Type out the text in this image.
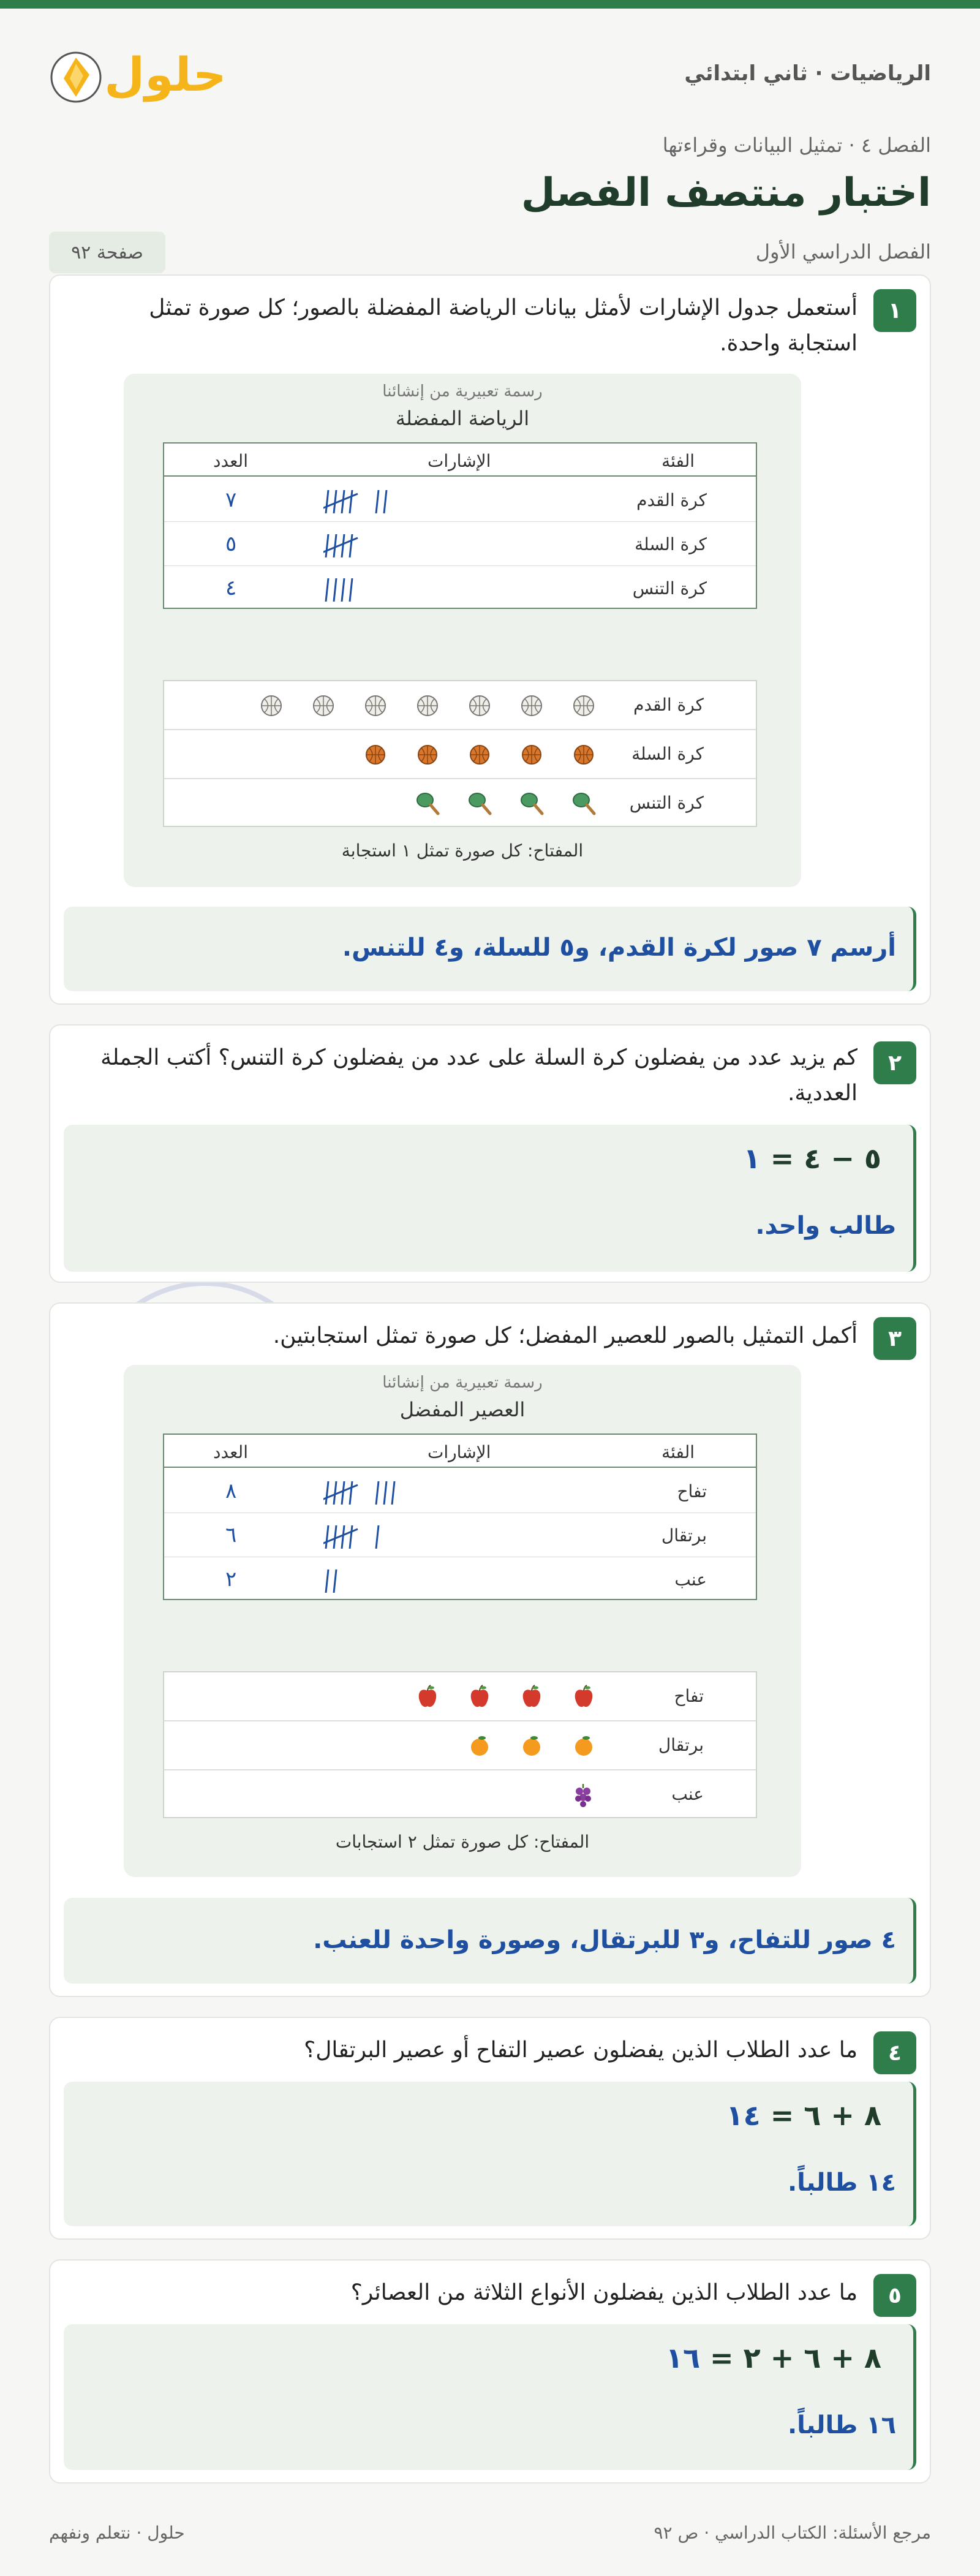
الرياضيات · ثاني ابتدائي
حلول
الفصل ٤ · تمثيل البيانات وقراءتها
اختبار منتصف الفصل
الفصل الدراسي الأول
صفحة ٩٢
١
أستعمل جدول الإشارات لأمثل بيانات الرياضة المفضلة بالصور؛ كل صورة تمثل استجابة واحدة.
رسمة تعبيرية من إنشائنا
الرياضة المفضلة
الفئة
الإشارات
العدد
كرة القدم
٧
كرة السلة
٥
كرة التنس
٤
كرة القدم
كرة السلة
كرة التنس
المفتاح: كل صورة تمثل ١ استجابة
أرسم ٧ صور لكرة القدم، و٥ للسلة، و٤ للتنس.
٢
كم يزيد عدد من يفضلون كرة السلة على عدد من يفضلون كرة التنس؟ أكتب الجملة العددية.
٥ − ٤ = ١
طالب واحد.
٣
أكمل التمثيل بالصور للعصير المفضل؛ كل صورة تمثل استجابتين.
رسمة تعبيرية من إنشائنا
العصير المفضل
الفئة
الإشارات
العدد
تفاح
٨
برتقال
٦
عنب
٢
تفاح
برتقال
عنب
المفتاح: كل صورة تمثل ٢ استجابات
٤ صور للتفاح، و٣ للبرتقال، وصورة واحدة للعنب.
٤
ما عدد الطلاب الذين يفضلون عصير التفاح أو عصير البرتقال؟
٨ + ٦ = ١٤
١٤ طالباً.
٥
ما عدد الطلاب الذين يفضلون الأنواع الثلاثة من العصائر؟
٨ + ٦ + ٢ = ١٦
١٦ طالباً.
مرجع الأسئلة: الكتاب الدراسي · ص ٩٢
حلول · نتعلم ونفهم
